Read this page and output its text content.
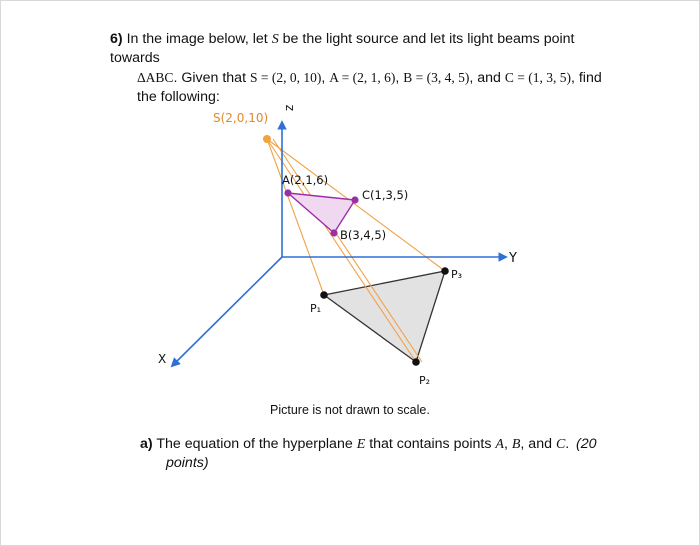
6) In the image below, let S be the light source and let its light beams point towards
ΔABC. Given that S = (2, 0, 10), A = (2, 1, 6), B = (3, 4, 5), and C = (1, 3, 5), find
the following:
S(2,0,10)
z
Y
X
A(2,1,6)
C(1,3,5)
B(3,4,5)
P₁
P₂
P₃
Picture is not drawn to scale.
a) The equation of the hyperplane E that contains points A, B, and C. (20
points)
